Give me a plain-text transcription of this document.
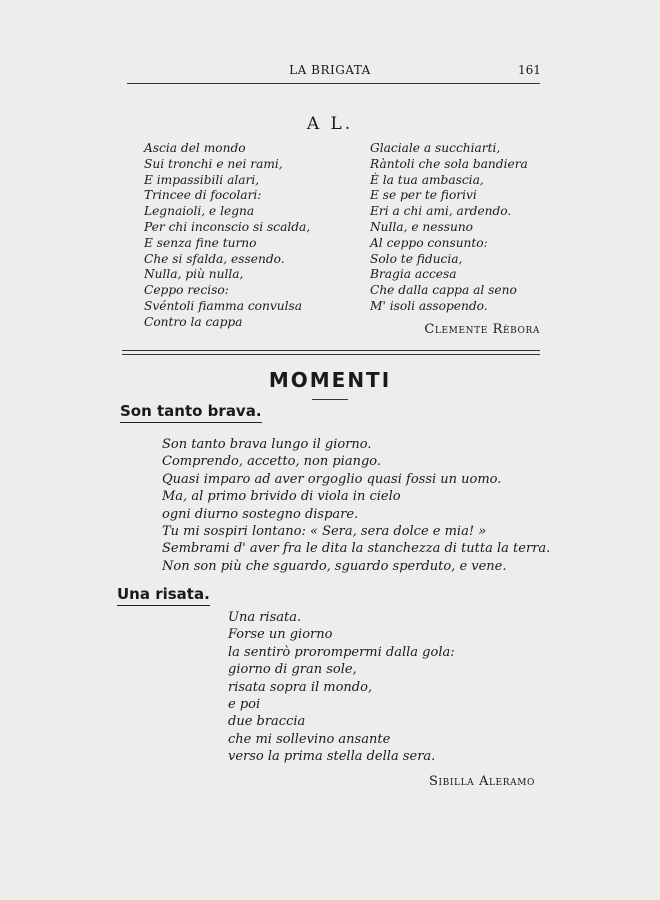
LA BRIGATA	161
A L.
Ascia del mondo
Sui tronchi e nei rami,
E impassibili alari,
Trincee di focolari:
Legnaioli, e legna
Per chi inconscio si scalda,
E senza fine turno
Che si sfalda, essendo.
Nulla, più nulla,
Ceppo reciso:
Svéntoli fiamma convulsa
Contro la cappa
Glaciale a succhiarti,
Ràntoli che sola bandiera
È la tua ambascia,
E se per te fiorivi
Eri a chi ami, ardendo.
Nulla, e nessuno
Al ceppo consunto:
Solo te fiducia,
Bragia accesa
Che dalla cappa al seno
M' isoli assopendo.
Clemente Rèbora
MOMENTI
Son tanto brava.
Son tanto brava lungo il giorno.
Comprendo, accetto, non piango.
Quasi imparo ad aver orgoglio quasi fossi un uomo.
Ma, al primo brivido di viola in cielo
ogni diurno sostegno dispare.
Tu mi sospiri lontano: « Sera, sera dolce e mia! »
Sembrami d' aver fra le dita la stanchezza di tutta la terra.
Non son più che sguardo, sguardo sperduto, e vene.
Una risata.
Una risata.
Forse un giorno
la sentirò prorompermi dalla gola:
giorno di gran sole,
risata sopra il mondo,
e poi
due braccia
che mi sollevino ansante
verso la prima stella della sera.
Sibilla Aleramo
